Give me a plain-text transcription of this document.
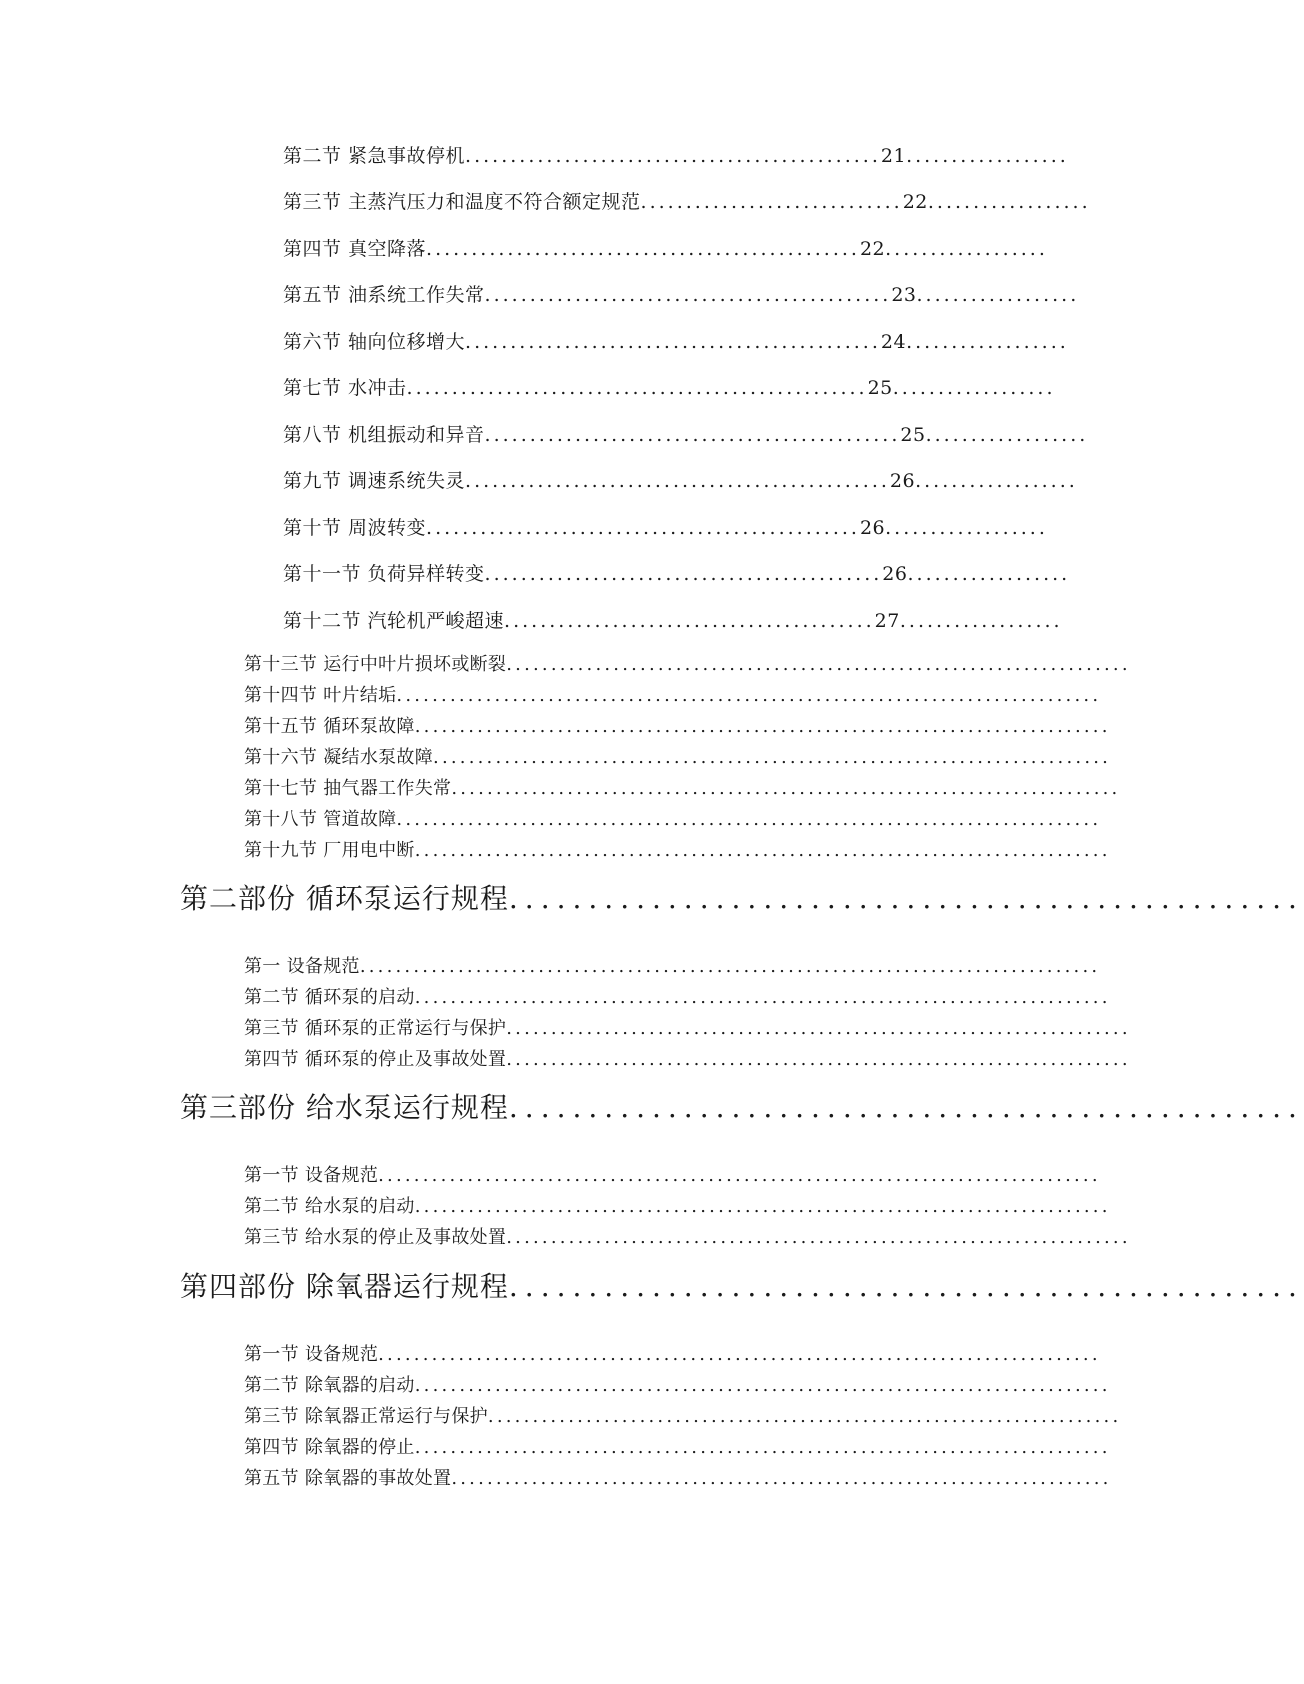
第二节 紧急事故停机..............................................21..................
第三节 主蒸汽压力和温度不符合额定规范.............................22..................
第四节 真空降落................................................22..................
第五节 油系统工作失常.............................................23..................
第六节 轴向位移增大..............................................24..................
第七节 水冲击...................................................25..................
第八节 机组振动和异音..............................................25..................
第九节 调速系统失灵...............................................26..................
第十节 周波转变................................................26..................
第十一节 负荷异样转变............................................26..................
第十二节 汽轮机严峻超速.........................................27..................
第十三节 运行中叶片损坏或断裂......................................................................
第十四节 叶片结垢...............................................................................
第十五节 循环泵故障..............................................................................
第十六节 凝结水泵故障............................................................................
第十七节 抽气器工作失常...........................................................................
第十八节 管道故障...............................................................................
第十九节 厂用电中断..............................................................................
第二部份 循环泵运行规程..................................................
第一 设备规范...................................................................................
第二节 循环泵的启动..............................................................................
第三节 循环泵的正常运行与保护......................................................................
第四节 循环泵的停止及事故处置......................................................................
第三部份 给水泵运行规程..................................................
第一节 设备规范.................................................................................
第二节 给水泵的启动..............................................................................
第三节 给水泵的停止及事故处置......................................................................
第四部份 除氧器运行规程..................................................
第一节 设备规范.................................................................................
第二节 除氧器的启动..............................................................................
第三节 除氧器正常运行与保护.......................................................................
第四节 除氧器的停止..............................................................................
第五节 除氧器的事故处置..........................................................................
